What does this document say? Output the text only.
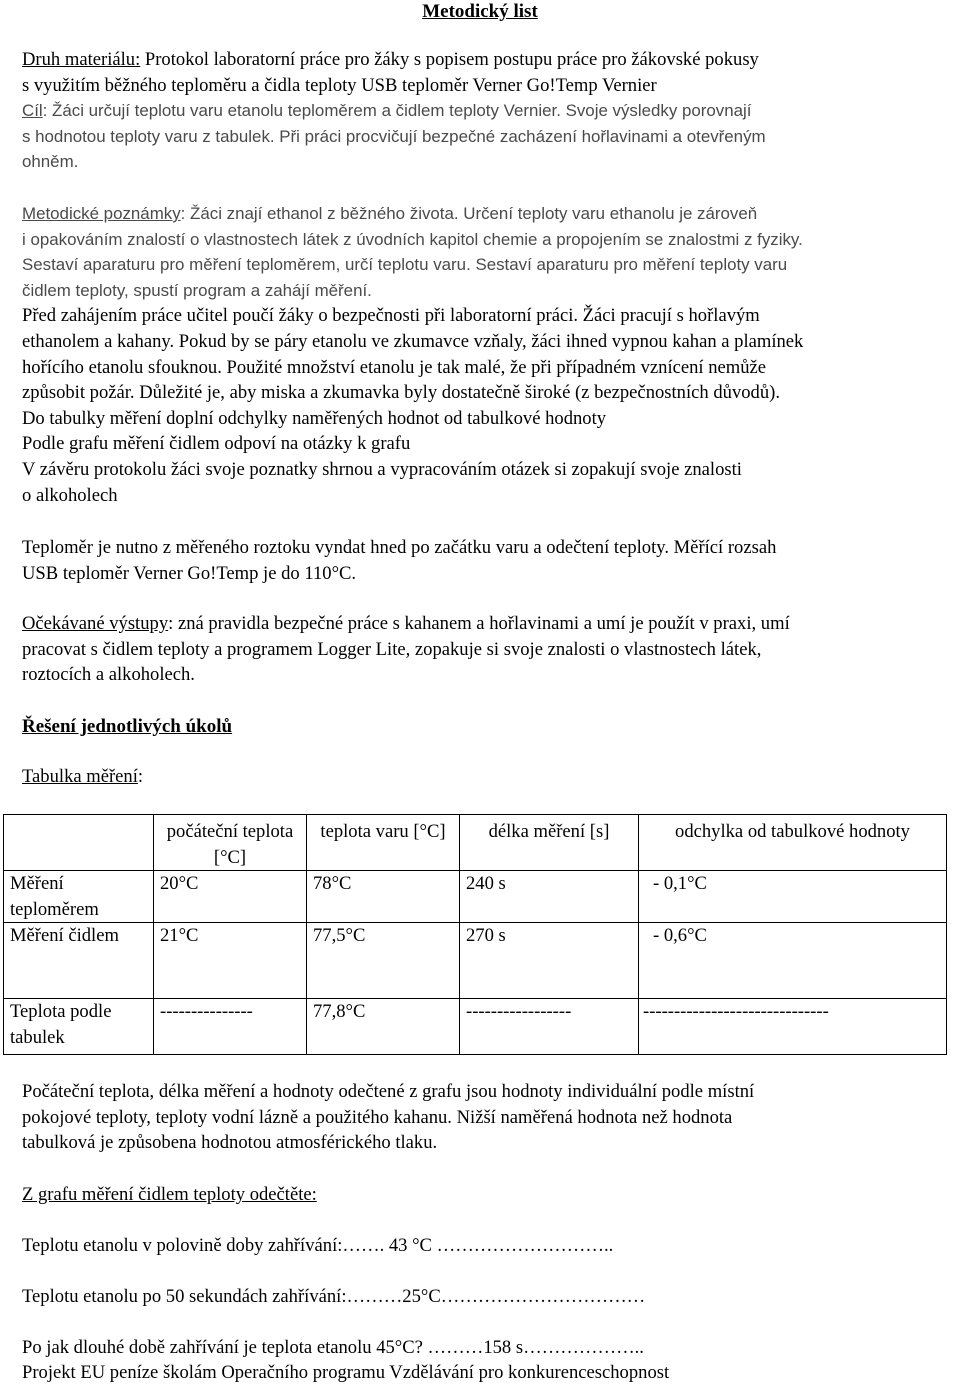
Metodický list
Druh materiálu: Protokol laboratorní práce pro žáky s popisem postupu práce pro žákovské pokusy
s využitím běžného teploměru a čidla teploty USB teploměr Verner Go!Temp Vernier
Cíl: Žáci určují teplotu varu etanolu teploměrem a čidlem teploty Vernier. Svoje výsledky porovnají
s hodnotou teploty varu z tabulek. Při práci procvičují bezpečné zacházení hořlavinami a otevřeným
ohněm.
Metodické poznámky: Žáci znají ethanol z běžného života. Určení teploty varu ethanolu je zároveň
i opakováním znalostí o vlastnostech látek z úvodních kapitol chemie a propojením se znalostmi z fyziky.
Sestaví aparaturu pro měření teploměrem, určí teplotu varu. Sestaví aparaturu pro měření teploty varu
čidlem teploty, spustí program a zahájí měření.
Před zahájením práce učitel poučí žáky o bezpečnosti při laboratorní práci. Žáci pracují s hořlavým
ethanolem a kahany. Pokud by se páry etanolu ve zkumavce vzňaly, žáci ihned vypnou kahan a plamínek
hořícího etanolu sfouknou. Použité množství etanolu je tak malé, že při případném vznícení nemůže
způsobit požár. Důležité je, aby miska a zkumavka byly dostatečně široké (z bezpečnostních důvodů).
Do tabulky měření doplní odchylky naměřených hodnot od tabulkové hodnoty
Podle grafu měření čidlem odpoví na otázky k grafu
V závěru protokolu žáci svoje poznatky shrnou a vypracováním otázek si zopakují svoje znalosti
o alkoholech
Teploměr je nutno z měřeného roztoku vyndat hned po začátku varu a odečtení teploty. Měřící rozsah
USB teploměr Verner Go!Temp je do 110°C.
Očekávané výstupy: zná pravidla bezpečné práce s kahanem a hořlavinami a umí je použít v praxi, umí
pracovat s čidlem teploty a programem Logger Lite, zopakuje si svoje znalosti o vlastnostech látek,
roztocích a alkoholech.
Řešení jednotlivých úkolů
Tabulka měření:
	počáteční teplota [°C]	teplota varu [°C]	délka měření [s]	odchylka od tabulkové hodnoty
Měření teploměrem	20°C	78°C	240 s	- 0,1°C
Měření čidlem	21°C	77,5°C	270 s	- 0,6°C
Teplota podle tabulek	---------------	77,8°C	-----------------	------------------------------
Počáteční teplota, délka měření a hodnoty odečtené z grafu jsou hodnoty individuální podle místní
pokojové teploty, teploty vodní lázně a použitého kahanu. Nižší naměřená hodnota než hodnota
tabulková je způsobena hodnotou atmosférického tlaku.
Z grafu měření čidlem teploty odečtěte:
Teplotu etanolu v polovině doby zahřívání:……. 43 °C ………………………..
Teplotu etanolu po 50 sekundách zahřívání:………25°C……………………………
Po jak dlouhé době zahřívání je teplota etanolu 45°C? ………158 s………………..
Projekt EU peníze školám Operačního programu Vzdělávání pro konkurenceschopnost
